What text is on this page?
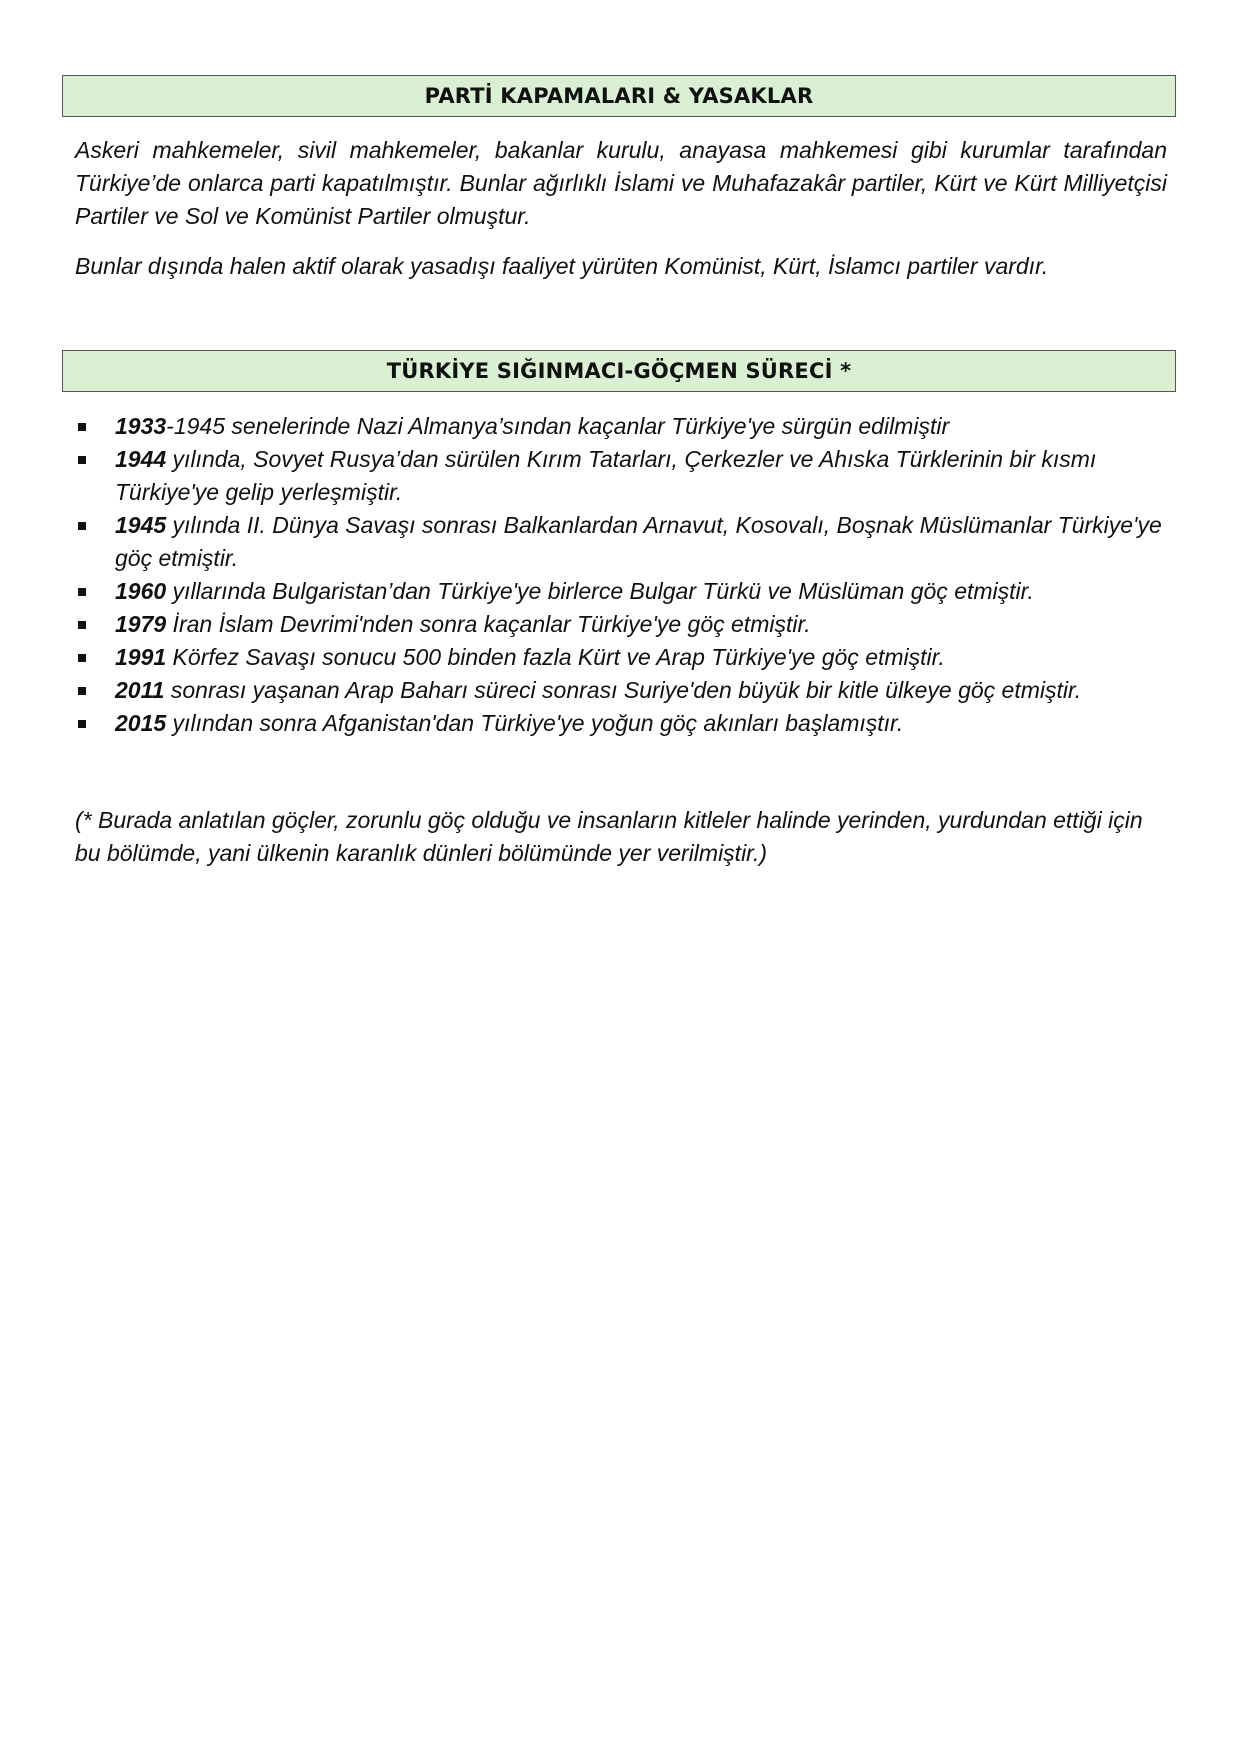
PARTİ KAPAMALARI & YASAKLAR

Askeri mahkemeler, sivil mahkemeler, bakanlar kurulu, anayasa mahkemesi gibi kurumlar tarafından Türkiye’de onlarca parti kapatılmıştır. Bunlar ağırlıklı İslami ve Muhafazakâr partiler, Kürt ve Kürt Milliyetçisi Partiler ve Sol ve Komünist Partiler olmuştur.

Bunlar dışında halen aktif olarak yasadışı faaliyet yürüten Komünist, Kürt, İslamcı partiler vardır.

TÜRKİYE SIĞINMACI-GÖÇMEN SÜRECİ *
1933-1945 senelerinde Nazi Almanya’sından kaçanlar Türkiye'ye sürgün edilmiştir
1944 yılında, Sovyet Rusya’dan sürülen Kırım Tatarları, Çerkezler ve Ahıska Türklerinin bir kısmı Türkiye'ye gelip yerleşmiştir.
1945 yılında II. Dünya Savaşı sonrası Balkanlardan Arnavut, Kosovalı, Boşnak Müslümanlar Türkiye'ye göç etmiştir.
1960 yıllarında Bulgaristan’dan Türkiye'ye birlerce Bulgar Türkü ve Müslüman göç etmiştir.
1979 İran İslam Devrimi'nden sonra kaçanlar Türkiye'ye göç etmiştir.
1991 Körfez Savaşı sonucu 500 binden fazla Kürt ve Arap Türkiye'ye göç etmiştir.
2011 sonrası yaşanan Arap Baharı süreci sonrası Suriye'den büyük bir kitle ülkeye göç etmiştir.
2015 yılından sonra Afganistan'dan Türkiye'ye yoğun göç akınları başlamıştır.

(* Burada anlatılan göçler, zorunlu göç olduğu ve insanların kitleler halinde yerinden, yurdundan ettiği için bu bölümde, yani ülkenin karanlık dünleri bölümünde yer verilmiştir.)
